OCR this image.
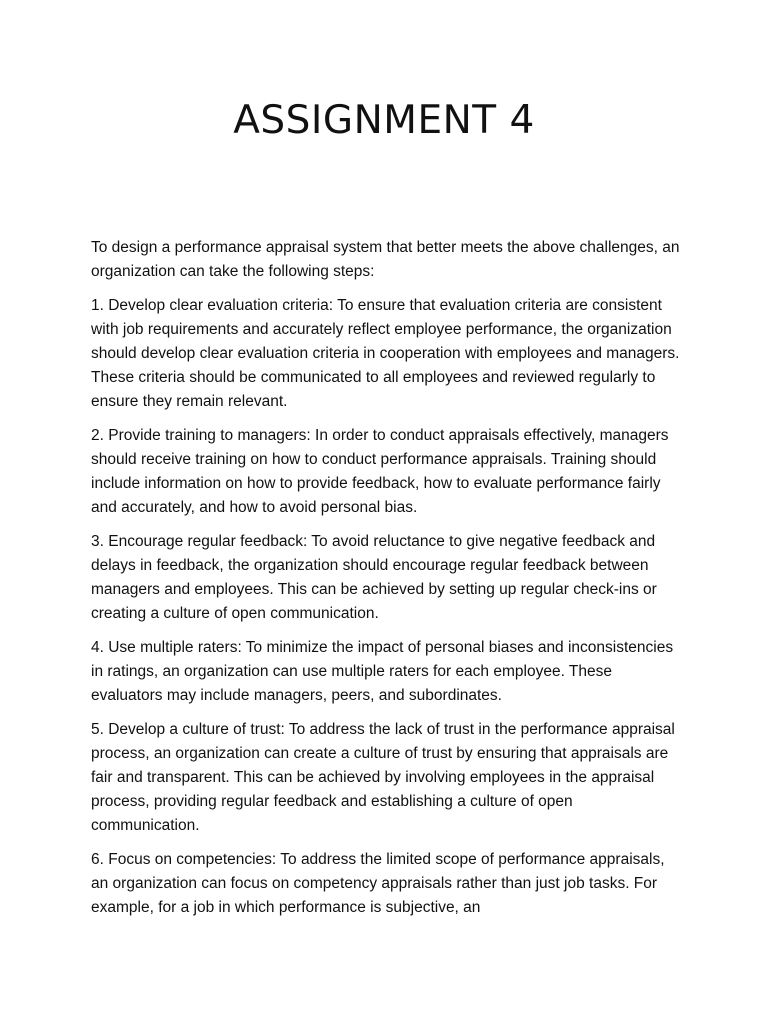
ASSIGNMENT 4

To design a performance appraisal system that better meets the above challenges, an organization can take the following steps:

1. Develop clear evaluation criteria: To ensure that evaluation criteria are consistent with job requirements and accurately reflect employee performance, the organization should develop clear evaluation criteria in cooperation with employees and managers. These criteria should be communicated to all employees and reviewed regularly to ensure they remain relevant.

2. Provide training to managers: In order to conduct appraisals effectively, managers should receive training on how to conduct performance appraisals. Training should include information on how to provide feedback, how to evaluate performance fairly and accurately, and how to avoid personal bias.

3. Encourage regular feedback: To avoid reluctance to give negative feedback and delays in feedback, the organization should encourage regular feedback between managers and employees. This can be achieved by setting up regular check-ins or creating a culture of open communication.

4. Use multiple raters: To minimize the impact of personal biases and inconsistencies in ratings, an organization can use multiple raters for each employee. These evaluators may include managers, peers, and subordinates.

5. Develop a culture of trust: To address the lack of trust in the performance appraisal process, an organization can create a culture of trust by ensuring that appraisals are fair and transparent. This can be achieved by involving employees in the appraisal process, providing regular feedback and establishing a culture of open communication.

6. Focus on competencies: To address the limited scope of performance appraisals, an organization can focus on competency appraisals rather than just job tasks. For example, for a job in which performance is subjective, an
